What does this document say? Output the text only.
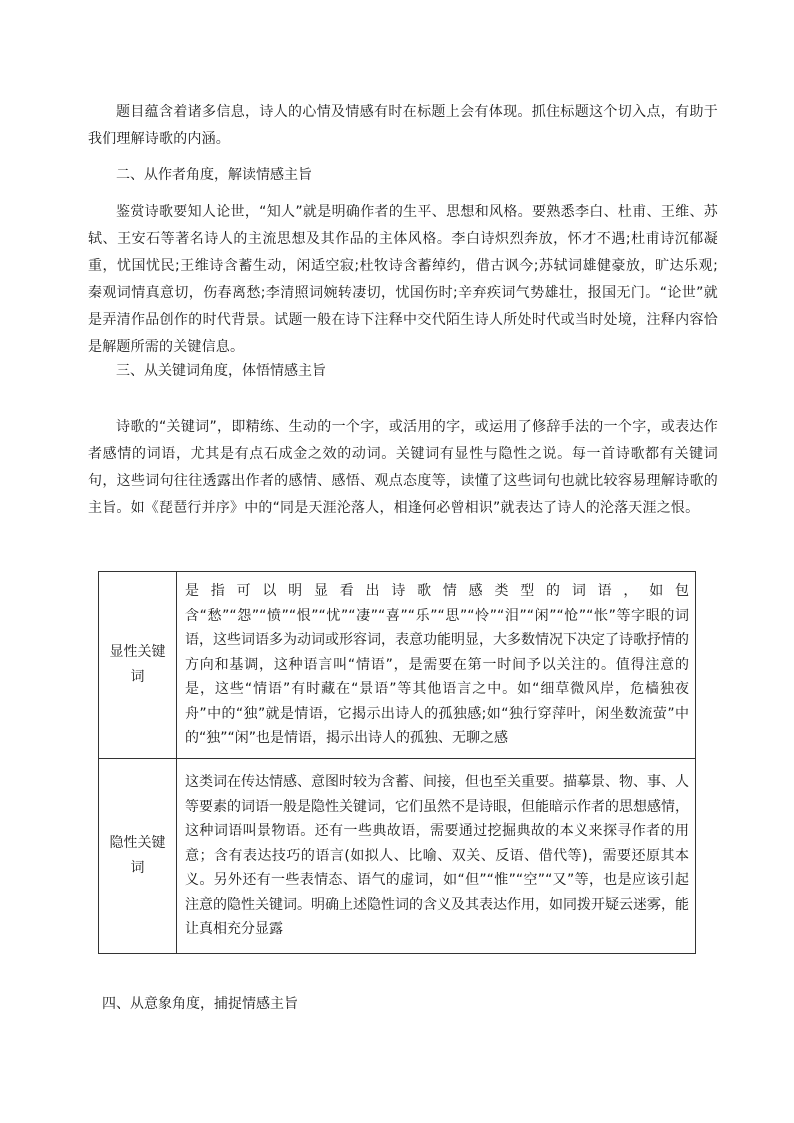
题目蕴含着诸多信息，诗人的心情及情感有时在标题上会有体现。抓住标题这个切入点，有助于我们理解诗歌的内涵。

二、从作者角度，解读情感主旨

鉴赏诗歌要知人论世，“知人”就是明确作者的生平、思想和风格。要熟悉李白、杜甫、王维、苏轼、王安石等著名诗人的主流思想及其作品的主体风格。李白诗炽烈奔放，怀才不遇;杜甫诗沉郁凝重，忧国忧民;王维诗含蓄生动，闲适空寂;杜牧诗含蓄绰约，借古讽今;苏轼词雄健豪放，旷达乐观;秦观词情真意切，伤春离愁;李清照词婉转凄切，忧国伤时;辛弃疾词气势雄壮，报国无门。“论世”就是弄清作品创作的时代背景。试题一般在诗下注释中交代陌生诗人所处时代或当时处境，注释内容恰是解题所需的关键信息。

三、从关键词角度，体悟情感主旨

诗歌的“关键词”，即精练、生动的一个字，或活用的字，或运用了修辞手法的一个字，或表达作者感情的词语，尤其是有点石成金之效的动词。关键词有显性与隐性之说。每一首诗歌都有关键词句，这些词句往往透露出作者的感情、感悟、观点态度等，读懂了这些词句也就比较容易理解诗歌的主旨。如《琵琶行并序》中的“同是天涯沦落人，相逢何必曾相识”就表达了诗人的沦落天涯之恨。

显性关键词	是指可以明显看出诗歌情感类型的词语，如包含“愁”“怨”“愤”“恨”“忧”“凄”“喜”“乐”“思”“怜”“泪”“闲”“怆”“怅”等字眼的词语，这些词语多为动词或形容词，表意功能明显，大多数情况下决定了诗歌抒情的方向和基调，这种语言叫“情语”，是需要在第一时间予以关注的。值得注意的是，这些“情语”有时藏在“景语”等其他语言之中。如“细草微风岸，危樯独夜舟”中的“独”就是情语，它揭示出诗人的孤独感;如“独行穿萍叶，闲坐数流萤”中的“独”“闲”也是情语，揭示出诗人的孤独、无聊之感
隐性关键词	这类词在传达情感、意图时较为含蓄、间接，但也至关重要。描摹景、物、事、人等要素的词语一般是隐性关键词，它们虽然不是诗眼，但能暗示作者的思想感情，这种词语叫景物语。还有一些典故语，需要通过挖掘典故的本义来探寻作者的用意；含有表达技巧的语言(如拟人、比喻、双关、反语、借代等)，需要还原其本义。另外还有一些表情态、语气的虚词，如“但”“惟”“空”“又”等，也是应该引起注意的隐性关键词。明确上述隐性词的含义及其表达作用，如同拨开疑云迷雾，能让真相充分显露

四、从意象角度，捕捉情感主旨
